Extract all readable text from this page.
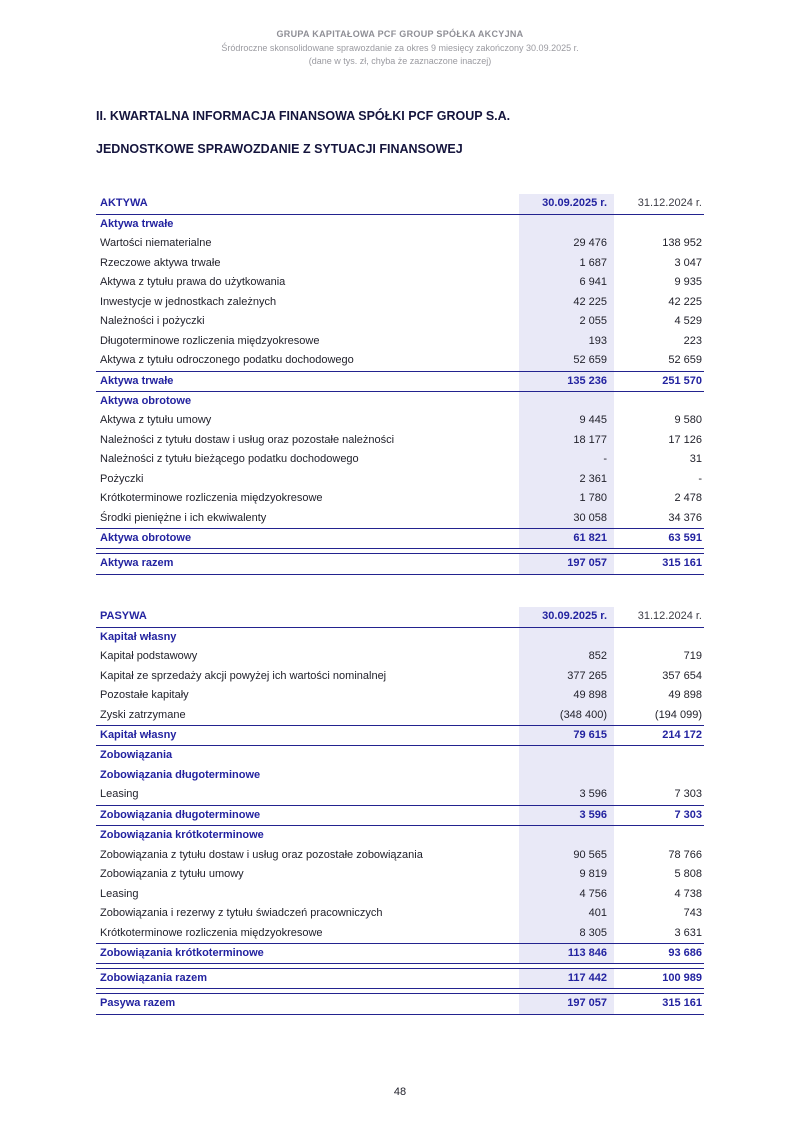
GRUPA KAPITAŁOWA PCF GROUP SPÓŁKA AKCYJNA
Śródroczne skonsolidowane sprawozdanie za okres 9 miesięcy zakończony 30.09.2025 r.
(dane w tys. zł, chyba że zaznaczone inaczej)
II. KWARTALNA INFORMACJA FINANSOWA SPÓŁKI PCF GROUP S.A.
JEDNOSTKOWE SPRAWOZDANIE Z SYTUACJI FINANSOWEJ
AKTYWA	30.09.2025 r.	31.12.2024 r.
Aktywa trwałe
Wartości niematerialne	29 476	138 952
Rzeczowe aktywa trwałe	1 687	3 047
Aktywa z tytułu prawa do użytkowania	6 941	9 935
Inwestycje w jednostkach zależnych	42 225	42 225
Należności i pożyczki	2 055	4 529
Długoterminowe rozliczenia międzyokresowe	193	223
Aktywa z tytułu odroczonego podatku dochodowego	52 659	52 659
Aktywa trwałe	135 236	251 570
Aktywa obrotowe
Aktywa z tytułu umowy	9 445	9 580
Należności z tytułu dostaw i usług oraz pozostałe należności	18 177	17 126
Należności z tytułu bieżącego podatku dochodowego	-	31
Pożyczki	2 361	-
Krótkoterminowe rozliczenia międzyokresowe	1 780	2 478
Środki pieniężne i ich ekwiwalenty	30 058	34 376
Aktywa obrotowe	61 821	63 591
Aktywa razem	197 057	315 161
PASYWA	30.09.2025 r.	31.12.2024 r.
Kapitał własny
Kapitał podstawowy	852	719
Kapitał ze sprzedaży akcji powyżej ich wartości nominalnej	377 265	357 654
Pozostałe kapitały	49 898	49 898
Zyski zatrzymane	(348 400)	(194 099)
Kapitał własny	79 615	214 172
Zobowiązania
Zobowiązania długoterminowe
Leasing	3 596	7 303
Zobowiązania długoterminowe	3 596	7 303
Zobowiązania krótkoterminowe
Zobowiązania z tytułu dostaw i usług oraz pozostałe zobowiązania	90 565	78 766
Zobowiązania z tytułu umowy	9 819	5 808
Leasing	4 756	4 738
Zobowiązania i rezerwy z tytułu świadczeń pracowniczych	401	743
Krótkoterminowe rozliczenia międzyokresowe	8 305	3 631
Zobowiązania krótkoterminowe	113 846	93 686
Zobowiązania razem	117 442	100 989
Pasywa razem	197 057	315 161
48
